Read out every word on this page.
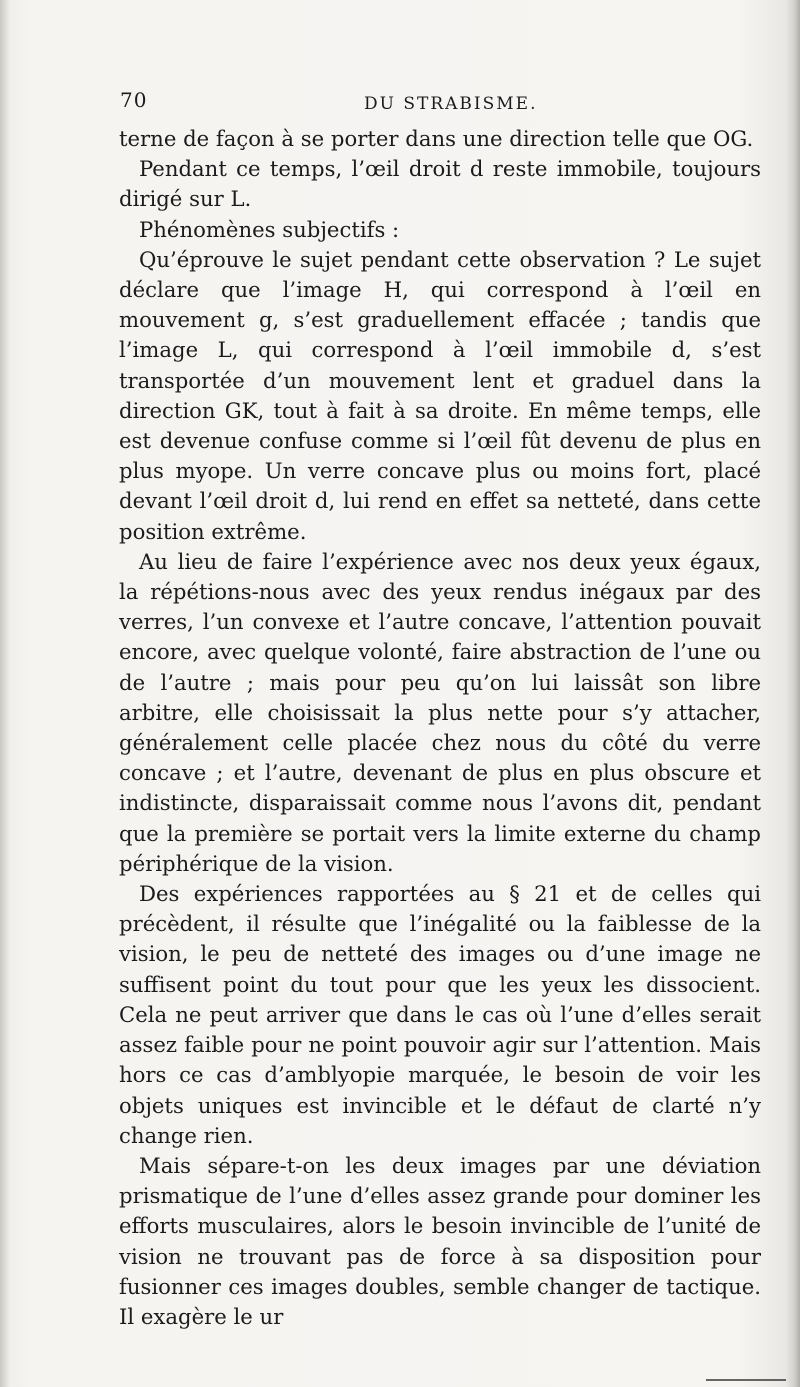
70	DU STRABISME.

terne de façon à se porter dans une direction telle que OG.

Pendant ce temps, l’œil droit d reste immobile, toujours dirigé sur L.

Phénomènes subjectifs :

Qu’éprouve le sujet pendant cette observation ? Le sujet déclare que l’image H, qui correspond à l’œil en mouvement g, s’est graduellement effacée ; tandis que l’image L, qui correspond à l’œil immobile d, s’est transportée d’un mouvement lent et graduel dans la direction GK, tout à fait à sa droite. En même temps, elle est devenue confuse comme si l’œil fût devenu de plus en plus myope. Un verre concave plus ou moins fort, placé devant l’œil droit d, lui rend en effet sa netteté, dans cette position extrême.

Au lieu de faire l’expérience avec nos deux yeux égaux, la répétions-nous avec des yeux rendus inégaux par des verres, l’un convexe et l’autre concave, l’attention pouvait encore, avec quelque volonté, faire abstraction de l’une ou de l’autre ; mais pour peu qu’on lui laissât son libre arbitre, elle choisissait la plus nette pour s’y attacher, généralement celle placée chez nous du côté du verre concave ; et l’autre, devenant de plus en plus obscure et indistincte, disparaissait comme nous l’avons dit, pendant que la première se portait vers la limite externe du champ périphérique de la vision.

Des expériences rapportées au § 21 et de celles qui précèdent, il résulte que l’inégalité ou la faiblesse de la vision, le peu de netteté des images ou d’une image ne suffisent point du tout pour que les yeux les dissocient. Cela ne peut arriver que dans le cas où l’une d’elles serait assez faible pour ne point pouvoir agir sur l’attention. Mais hors ce cas d’amblyopie marquée, le besoin de voir les objets uniques est invincible et le défaut de clarté n’y change rien.

Mais sépare-t-on les deux images par une déviation prismatique de l’une d’elles assez grande pour dominer les efforts musculaires, alors le besoin invincible de l’unité de vision ne trouvant pas de force à sa disposition pour fusionner ces images doubles, semble changer de tactique. Il exagère le ur
